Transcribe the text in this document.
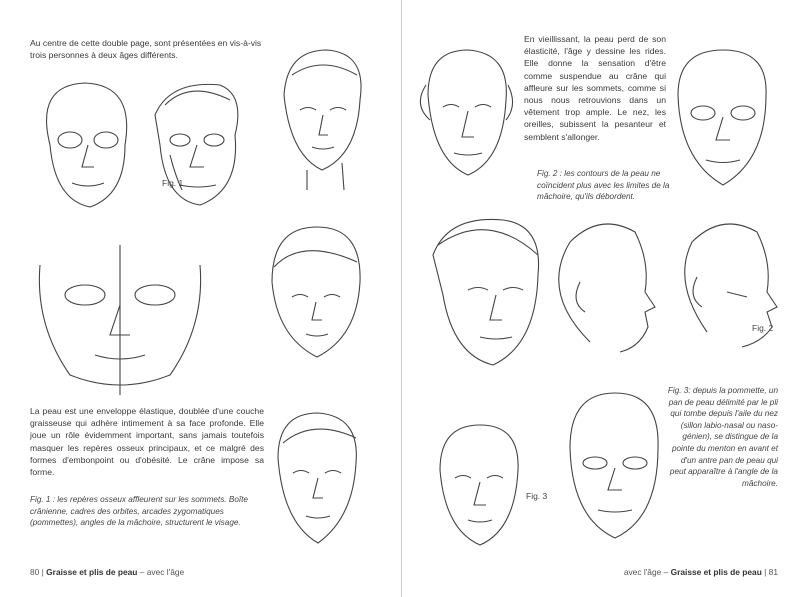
Au centre de cette double page, sont présentées en vis-à-vis trois personnes à deux âges différents.
Fig. 1
La peau est une enveloppe élastique, doublée d'une couche graisseuse qui adhère intimement à sa face profonde. Elle joue un rôle évidemment important, sans jamais toutefois masquer les repères osseux principaux, et ce malgré des formes d'embonpoint ou d'obésité. Le crâne impose sa forme.
Fig. 1 : les repères osseux affleurent sur les sommets. Boîte crânienne, cadres des orbites, arcades zygomatiques (pommettes), angles de la mâchoire, structurent le visage.
80 | Graisse et plis de peau – avec l'âge
En vieillissant, la peau perd de son élasticité, l'âge y dessine les rides. Elle donne la sensation d'être comme suspendue au crâne qui affleure sur les sommets, comme si nous nous retrouvions dans un vêtement trop ample. Le nez, les oreilles, subissent la pesanteur et semblent s'allonger.
Fig. 2 : les contours de la peau ne coïncident plus avec les limites de la mâchoire, qu'ils débordent.
Fig. 2
Fig. 3
Fig. 3: depuis la pommette, un pan de peau délimité par le pli qui tombe depuis l'aile du nez (sillon labio-nasal ou naso-génien), se distingue de la pointe du menton en avant et d'un antre pan de peau qui peut apparaître à l'angle de la mâchoire.
avec l'âge – Graisse et plis de peau | 81
